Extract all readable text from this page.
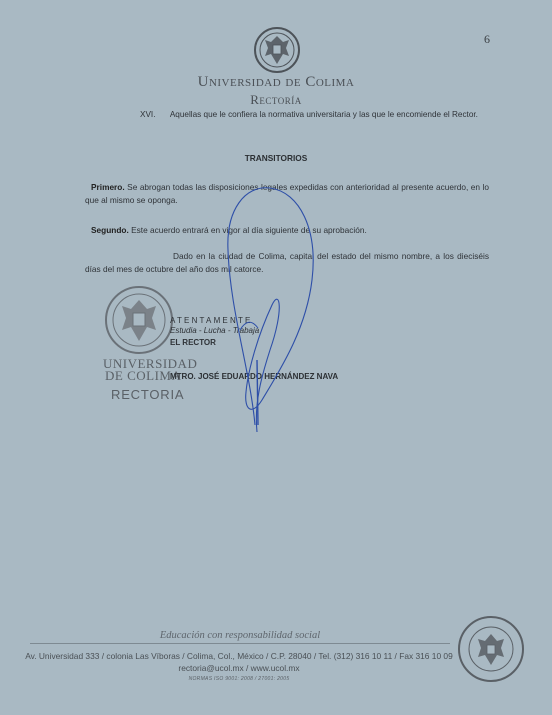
6
Universidad de Colima
Rectoría
XVI. Aquellas que le confiera la normativa universitaria y las que le encomiende el Rector.
TRANSITORIOS
Primero. Se abrogan todas las disposiciones legales expedidas con anterioridad al presente acuerdo, en lo que al mismo se oponga.
Segundo. Este acuerdo entrará en vigor al día siguiente de su aprobación.
Dado en la ciudad de Colima, capital del estado del mismo nombre, a los dieciséis días del mes de octubre del año dos mil catorce.
UNIVERSIDAD
DE COLIMA
RECTORIA
ATENTAMENTE
Estudia - Lucha - Trabaja
EL RECTOR
MTRO. JOSÉ EDUARDO HERNÁNDEZ NAVA
Educación con responsabilidad social
Av. Universidad 333 / colonia Las Víboras / Colima, Col., México / C.P. 28040 / Tel. (312) 316 10 11 / Fax 316 10 09
rectoria@ucol.mx / www.ucol.mx
NORMAS ISO 9001: 2008 / 27001: 2005
